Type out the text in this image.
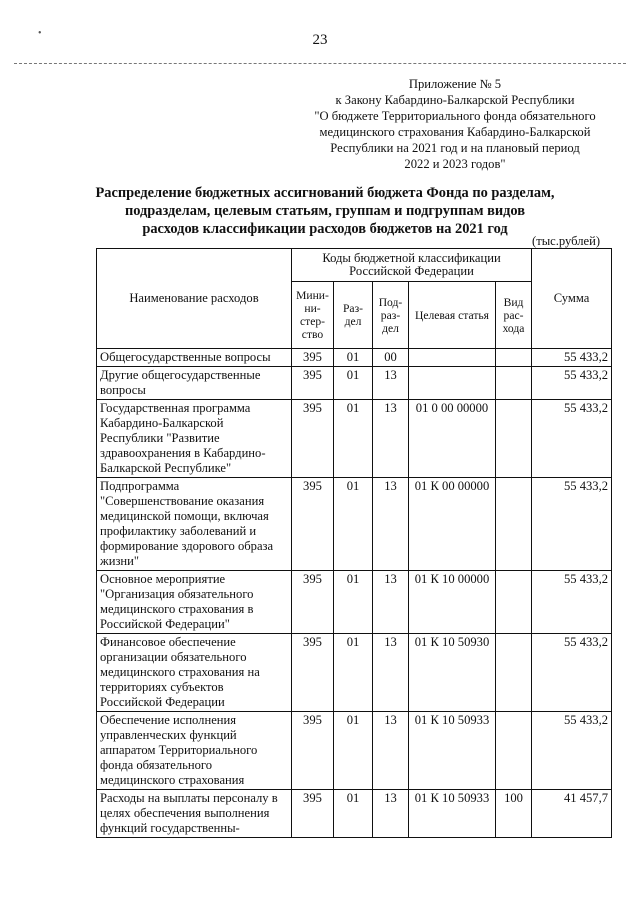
23
•
Приложение № 5
к Закону Кабардино-Балкарской Республики
"О бюджете Территориального фонда обязательного
медицинского страхования Кабардино-Балкарской
Республики на 2021 год и на плановый период
2022 и 2023 годов"
Распределение бюджетных ассигнований бюджета Фонда по разделам,
подразделам, целевым статьям, группам и подгруппам видов
расходов классификации расходов бюджетов на 2021 год
(тыс.рублей)
Наименование расходов	Коды бюджетной классификации Российской Федерации					Сумма
	Мини-ни-стер-ство	Раз-дел	Под-раз-дел	Целевая статья	Вид рас-хода	
Общегосударственные вопросы	395	01	00			55 433,2
Другие общегосударственные вопросы	395	01	13			55 433,2
Государственная программа Кабардино-Балкарской Республики "Развитие здравоохранения в Кабардино-Балкарской Республике"	395	01	13	01 0 00 00000		55 433,2
Подпрограмма "Совершенствование оказания медицинской помощи, включая профилактику заболеваний и формирование здорового образа жизни"	395	01	13	01 К 00 00000		55 433,2
Основное мероприятие "Организация обязательного медицинского страхования в Российской Федерации"	395	01	13	01 К 10 00000		55 433,2
Финансовое обеспечение организации обязательного медицинского страхования на территориях субъектов Российской Федерации	395	01	13	01 К 10 50930		55 433,2
Обеспечение исполнения управленческих функций аппаратом Территориального фонда обязательного медицинского страхования	395	01	13	01 К 10 50933		55 433,2
Расходы на выплаты персоналу в целях обеспечения выполнения функций государственны-	395	01	13	01 К 10 50933	100	41 457,7
